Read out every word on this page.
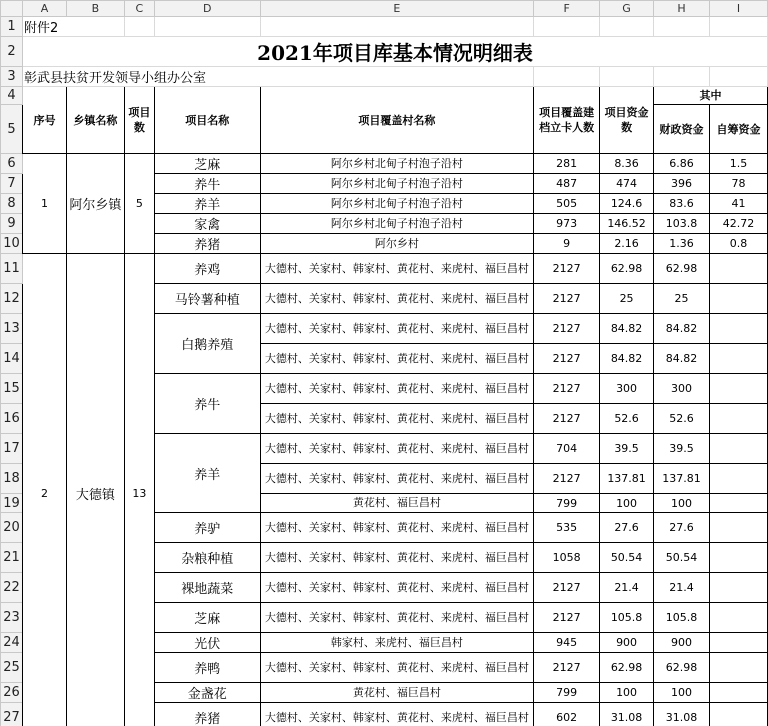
	A	B	C	D	E	F	G	H	I
1	附件2								
2	2021年项目库基本情况明细表								
3	彰武县扶贫开发领导小组办公室								
4	序号	乡镇名称	项目数	项目名称	项目覆盖村名称	项目覆盖建档立卡人数	项目资金数	其中	
5								财政资金	自筹资金
6	1	阿尔乡镇	5	芝麻	阿尔乡村北甸子村泡子沿村	281	8.36	6.86	1.5
7				养牛	阿尔乡村北甸子村泡子沿村	487	474	396	78
8				养羊	阿尔乡村北甸子村泡子沿村	505	124.6	83.6	41
9				家禽	阿尔乡村北甸子村泡子沿村	973	146.52	103.8	42.72
10				养猪	阿尔乡村	9	2.16	1.36	0.8
11	2	大德镇	13	养鸡	大德村、关家村、韩家村、黄花村、来虎村、福巨昌村	2127	62.98	62.98	
12				马铃薯种植	大德村、关家村、韩家村、黄花村、来虎村、福巨昌村	2127	25	25	
13				白鹅养殖	大德村、关家村、韩家村、黄花村、来虎村、福巨昌村	2127	84.82	84.82	
14					大德村、关家村、韩家村、黄花村、来虎村、福巨昌村	2127	84.82	84.82	
15				养牛	大德村、关家村、韩家村、黄花村、来虎村、福巨昌村	2127	300	300	
16					大德村、关家村、韩家村、黄花村、来虎村、福巨昌村	2127	52.6	52.6	
17				养羊	大德村、关家村、韩家村、黄花村、来虎村、福巨昌村	704	39.5	39.5	
18					大德村、关家村、韩家村、黄花村、来虎村、福巨昌村	2127	137.81	137.81	
19					黄花村、福巨昌村	799	100	100	
20				养驴	大德村、关家村、韩家村、黄花村、来虎村、福巨昌村	535	27.6	27.6	
21				杂粮种植	大德村、关家村、韩家村、黄花村、来虎村、福巨昌村	1058	50.54	50.54	
22				裸地蔬菜	大德村、关家村、韩家村、黄花村、来虎村、福巨昌村	2127	21.4	21.4	
23				芝麻	大德村、关家村、韩家村、黄花村、来虎村、福巨昌村	2127	105.8	105.8	
24				光伏	韩家村、来虎村、福巨昌村	945	900	900	
25				养鸭	大德村、关家村、韩家村、黄花村、来虎村、福巨昌村	2127	62.98	62.98	
26				金盏花	黄花村、福巨昌村	799	100	100	
27				养猪	大德村、关家村、韩家村、黄花村、来虎村、福巨昌村	602	31.08	31.08	
